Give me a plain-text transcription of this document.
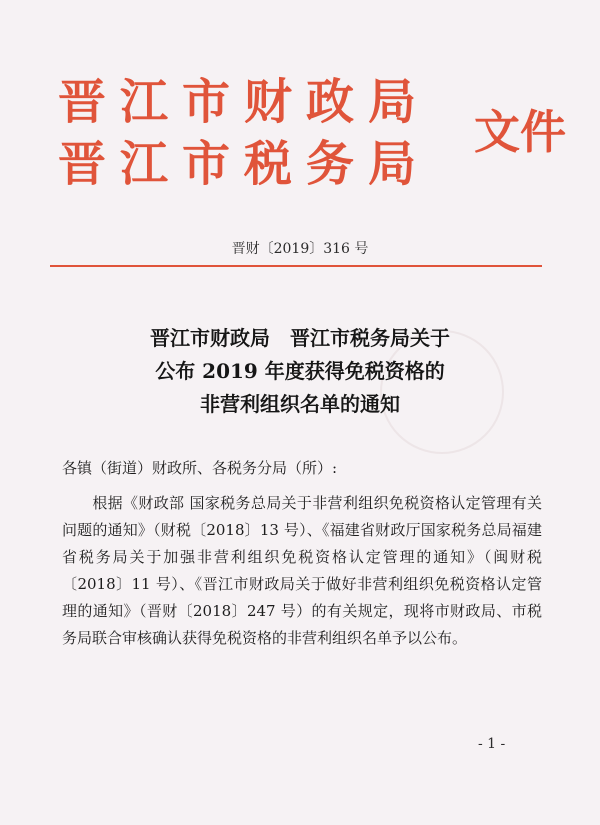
晋江市财政局
晋江市税务局
文件
晋财〔2019〕316 号
晋江市财政局　晋江市税务局关于
公布 2019 年度获得免税资格的
非营利组织名单的通知
各镇（街道）财政所、各税务分局（所）:
根据《财政部 国家税务总局关于非营利组织免税资格认定管理有关问题的通知》（财税〔2018〕13 号）、《福建省财政厅国家税务总局福建省税务局关于加强非营利组织免税资格认定管理的通知》（闽财税〔2018〕11 号）、《晋江市财政局关于做好非营利组织免税资格认定管理的通知》（晋财〔2018〕247 号）的有关规定，现将市财政局、市税务局联合审核确认获得免税资格的非营利组织名单予以公布。
- 1 -
